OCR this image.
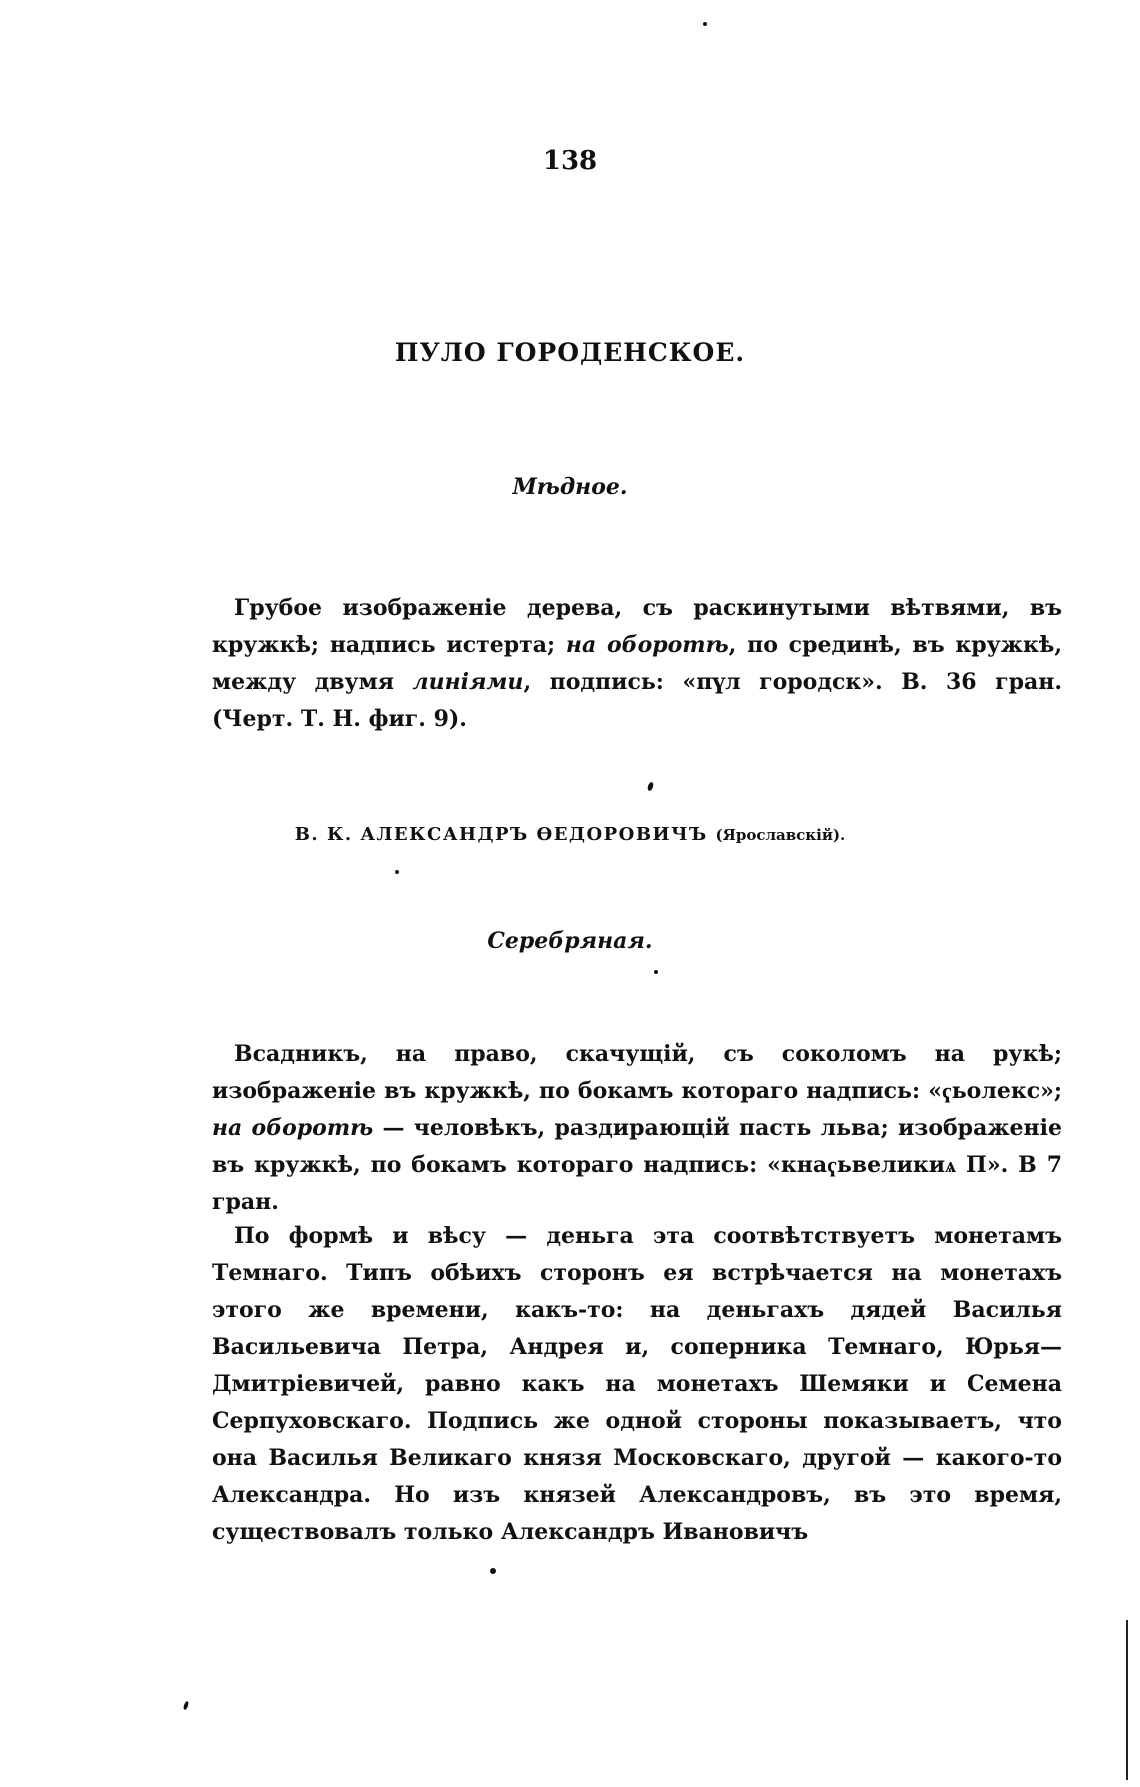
138
ПУЛО ГОРОДЕНСКОЕ.
Мѣдное.

Грубое изображеніе дерева, съ раскинутыми вѣтвями, въ кружкѣ; надпись истерта; на оборотѣ, по срединѣ, въ кружкѣ, между двумя линіями, подпись: «пүл городск». В. 36 гран. (Черт. Т. Н. фиг. 9).

В. К. АЛЕКСАНДРЪ ѲЕДОРОВИЧЪ (Ярославскій).
Серебряная.

Всадникъ, на право, скачущій, съ соколомъ на рукѣ; изображеніе въ кружкѣ, по бокамъ котораго надпись: «ҁьолекс»; на оборотѣ — человѣкъ, раздирающій пасть льва; изображеніе въ кружкѣ, по бокамъ котораго надпись: «кнаҁьвеликиѧ П». В 7 гран.

По формѣ и вѣсу — деньга эта соотвѣтствуетъ монетамъ Темнаго. Типъ обѣихъ сторонъ ея встрѣчается на монетахъ этого же времени, какъ-то: на деньгахъ дядей Василья Васильевича Петра, Андрея и, соперника Темнаго, Юрья—Дмитріевичей, равно какъ на монетахъ Шемяки и Семена Серпуховскаго. Подпись же одной стороны показываетъ, что она Василья Великаго князя Московскаго, другой — какого-то Александра. Но изъ князей Александровъ, въ это время, существовалъ только Александръ Ивановичъ
